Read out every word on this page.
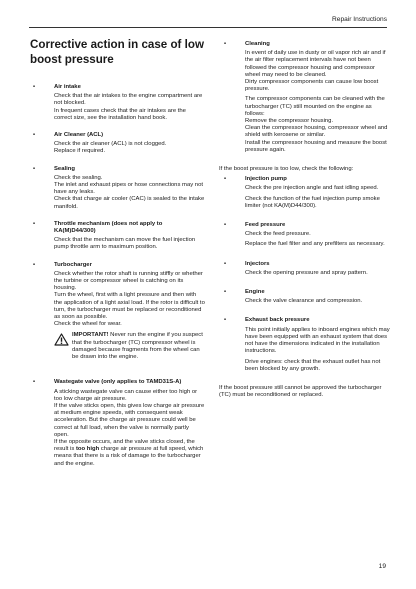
Repair Instructions
Corrective action in case of low boost pressure
•	Air intake

Check that the air intakes to the engine compartment are not blocked.

In frequent cases check that the air intakes are the correct size, see the installation hand book.

•	Air Cleaner (ACL)

Check the air cleaner (ACL) is not clogged.

Replace if required.

•	Sealing

Check the sealing.

The inlet and exhaust pipes or hose connections may not have any leaks.

Check that charge air cooler (CAC) is sealed to the intake manifold.

•	Throttle mechanism (does not apply to KA(M)D44/300)

Check that the mechanism can move the fuel injection pump throttle arm to maximum position.

•	Turbocharger

Check whether the rotor shaft is running stiffly or whether the turbine or compressor wheel is catching on its housing.

Turn the wheel, first with a light pressure and then with the application of a light axial load. If the rotor is difficult to turn, the turbocharger must be replaced or reconditioned as soon as possible.

Check the wheel for wear.

IMPORTANT! Never run the engine if you suspect that the turbocharger (TC) compressor wheel is damaged because fragments from the wheel can be drawn into the engine.
•	Wastegate valve (only applies to TAMD31S-A)

A sticking wastegate valve can cause either too high or too low charge air pressure.

If the valve sticks open, this gives low charge air pressure at medium engine speeds, with consequent weak acceleration. But the charge air pressure could well be correct at full load, when the valve is normally partly open.

If the opposite occurs, and the valve sticks closed, the result is too high charge air pressure at full speed, which means that there is a risk of damage to the turbocharger and the engine.

•	Cleaning

In event of daily use in dusty or oil vapor rich air and if the air filter replacement intervals have not been followed the compressor housing and compressor wheel may need to be cleaned.

Dirty compressor components can cause low boost pressure.

The compressor components can be cleaned with the turbocharger (TC) still mounted on the engine as follows:

Remove the compressor housing.

Clean the compressor housing, compressor wheel and shield with kerosene or similar.

Install the compressor housing and measure the boost pressure again.

If the boost pressure is too low, check the following:

•	Injection pump

Check the pre injection angle and fast idling speed.

Check the function of the fuel injection pump smoke limiter (not KA(M)D44/300).

•	Feed pressure

Check the feed pressure.

Replace the fuel filter and any prefilters as necessary.

•	Injectors

Check the opening pressure and spray pattern.

•	Engine

Check the valve clearance and compression.

•	Exhaust back pressure

This point initially applies to inboard engines which may have been equipped with an exhaust system that does not have the dimensions indicated in the installation instructions.

Drive engines: check that the exhaust outlet has not been blocked by any growth.

If the boost pressure still cannot be approved the turbocharger (TC) must be reconditioned or replaced.

19
